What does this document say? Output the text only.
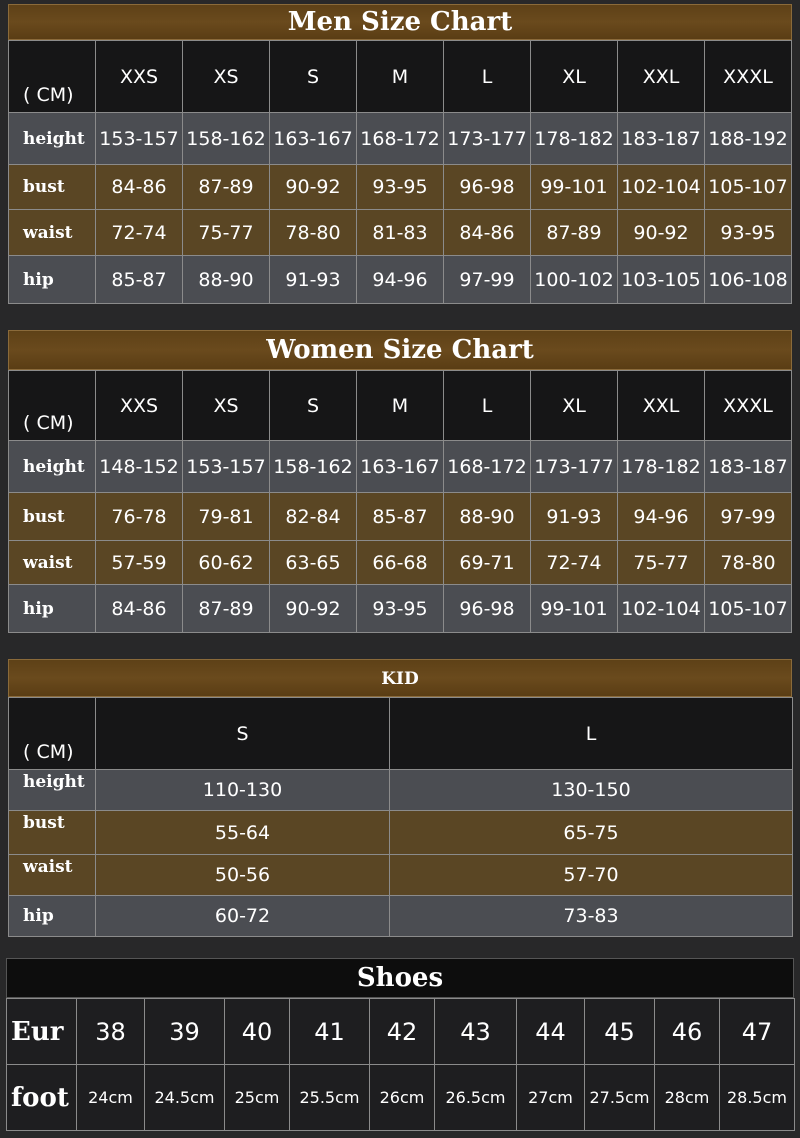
Men Size Chart
( CM)	XXS	XS	S	M	L	XL	XXL	XXXL
height	153-157	158-162	163-167	168-172	173-177	178-182	183-187	188-192
bust	84-86	87-89	90-92	93-95	96-98	99-101	102-104	105-107
waist	72-74	75-77	78-80	81-83	84-86	87-89	90-92	93-95
hip	85-87	88-90	91-93	94-96	97-99	100-102	103-105	106-108
Women Size Chart
( CM)	XXS	XS	S	M	L	XL	XXL	XXXL
height	148-152	153-157	158-162	163-167	168-172	173-177	178-182	183-187
bust	76-78	79-81	82-84	85-87	88-90	91-93	94-96	97-99
waist	57-59	60-62	63-65	66-68	69-71	72-74	75-77	78-80
hip	84-86	87-89	90-92	93-95	96-98	99-101	102-104	105-107
KID
( CM)	S	L
height	110-130	130-150
bust	55-64	65-75
waist	50-56	57-70
hip	60-72	73-83
Shoes
Eur	38	39	40	41	42	43	44	45	46	47
foot	24cm	24.5cm	25cm	25.5cm	26cm	26.5cm	27cm	27.5cm	28cm	28.5cm
